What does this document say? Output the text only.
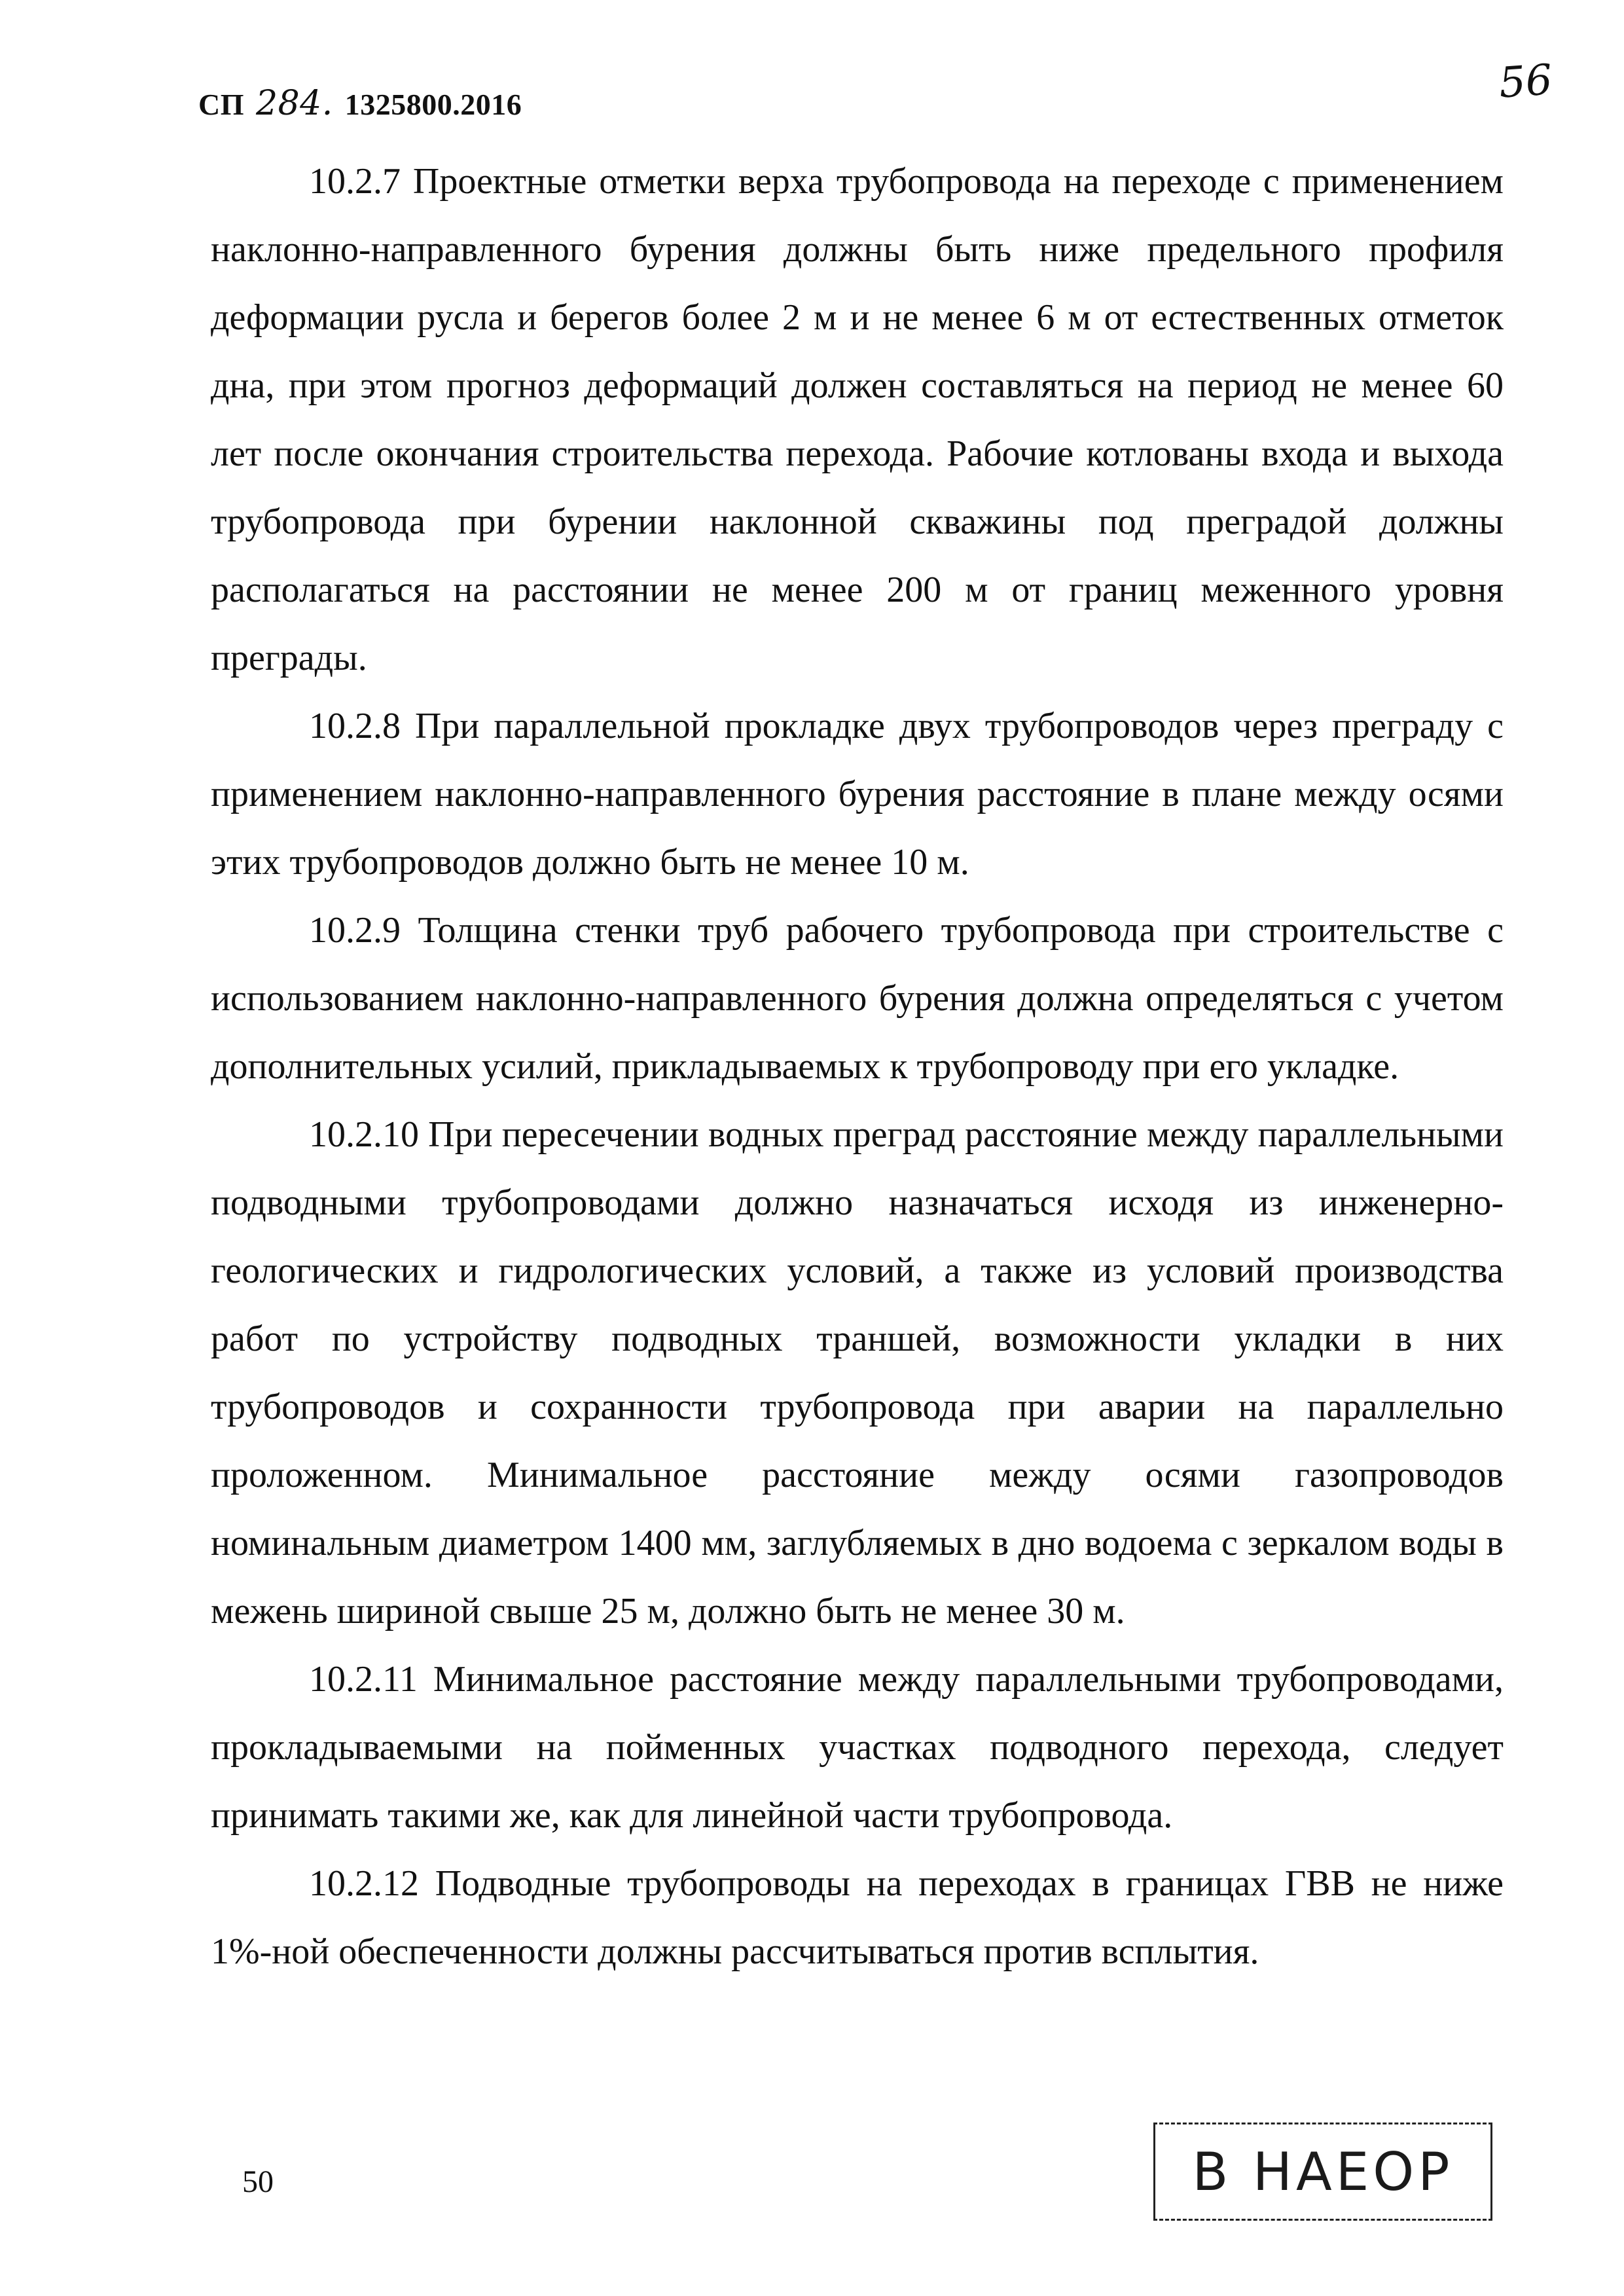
СП 284. 1325800.2016	56

10.2.7 Проектные отметки верха трубопровода на переходе с применением наклонно-направленного бурения должны быть ниже предельного профиля деформации русла и берегов более 2 м и не менее 6 м от естественных отметок дна, при этом прогноз деформаций должен составляться на период не менее 60 лет после окончания строительства перехода. Рабочие котлованы входа и выхода трубопровода при бурении наклонной скважины под преградой должны располагаться на расстоянии не менее 200 м от границ меженного уровня преграды.

10.2.8 При параллельной прокладке двух трубопроводов через преграду с применением наклонно-направленного бурения расстояние в плане между осями этих трубопроводов должно быть не менее 10 м.

10.2.9 Толщина стенки труб рабочего трубопровода при строительстве с использованием наклонно-направленного бурения должна определяться с учетом дополнительных усилий, прикладываемых к трубопроводу при его укладке.

10.2.10 При пересечении водных преград расстояние между параллельными подводными трубопроводами должно назначаться исходя из инженерно-геологических и гидрологических условий, а также из условий производства работ по устройству подводных траншей, возможности укладки в них трубопроводов и сохранности трубопровода при аварии на параллельно проложенном. Минимальное расстояние между осями газопроводов номинальным диаметром 1400 мм, заглубляемых в дно водоема с зеркалом воды в межень шириной свыше 25 м, должно быть не менее 30 м.

10.2.11 Минимальное расстояние между параллельными трубопроводами, прокладываемыми на пойменных участках подводного перехода, следует принимать такими же, как для линейной части трубопровода.

10.2.12 Подводные трубопроводы на переходах в границах ГВВ не ниже 1%-ной обеспеченности должны рассчитываться против всплытия.

50	В НАЕОР
